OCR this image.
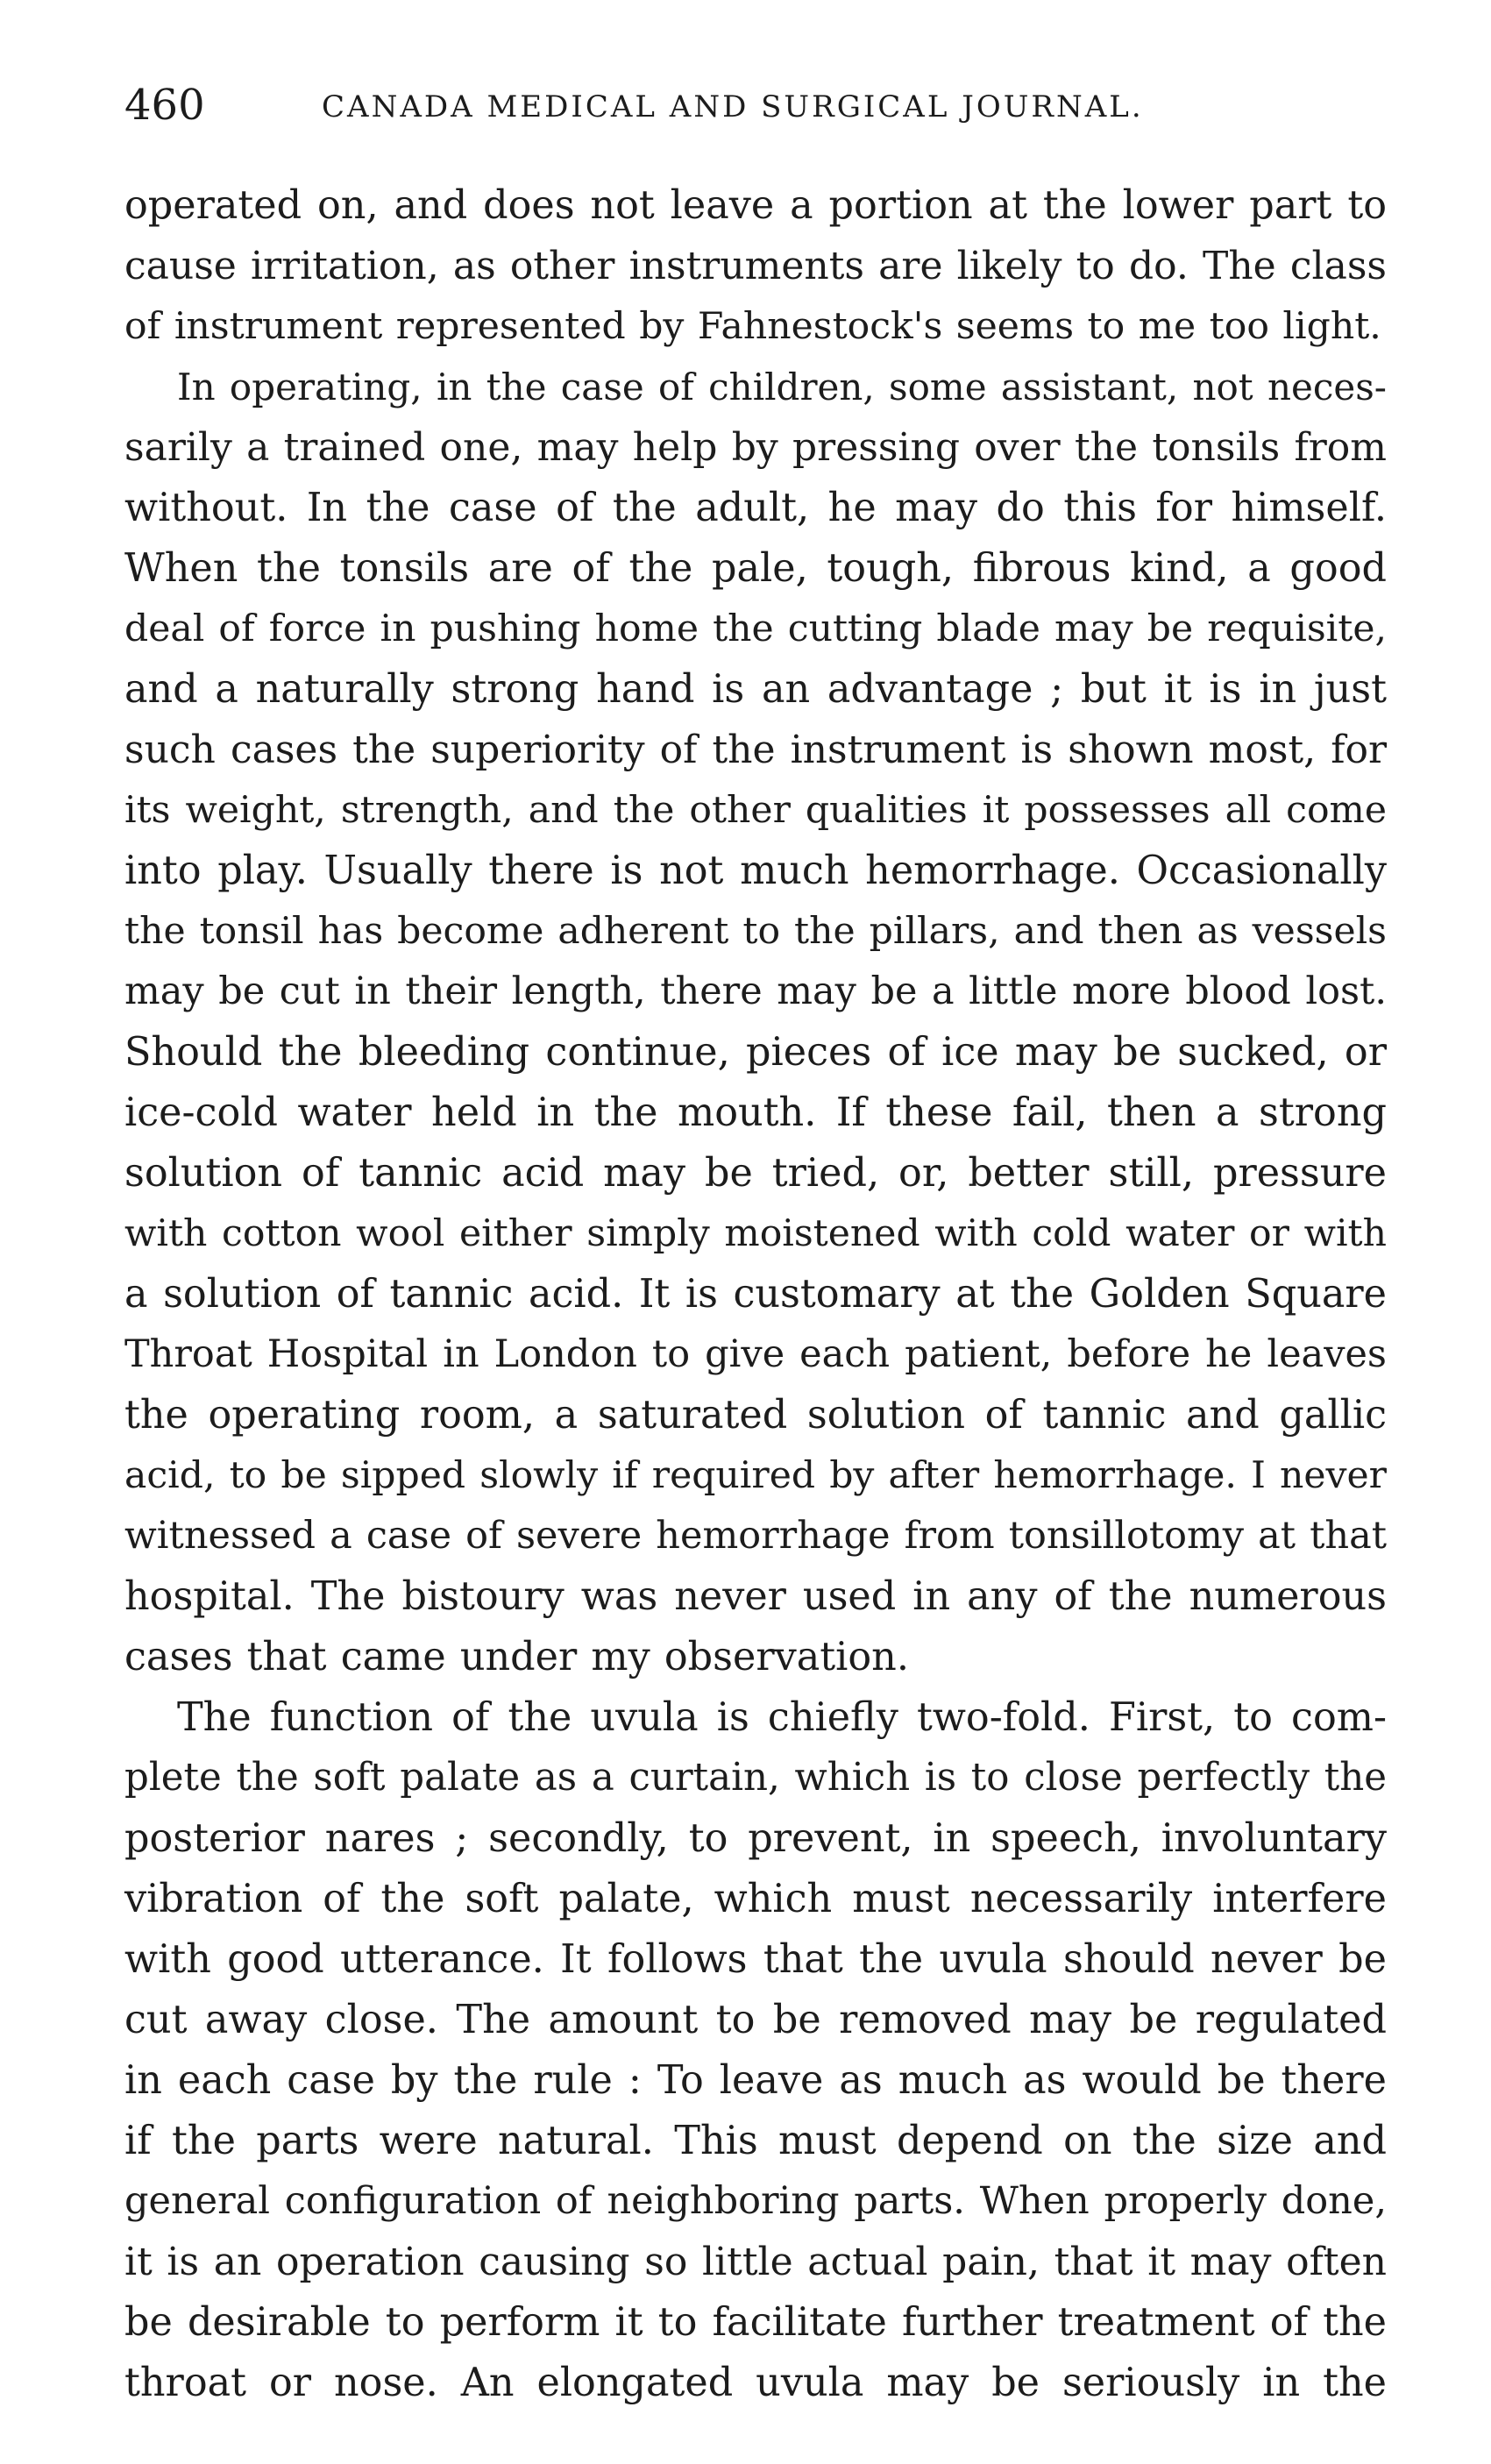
460	CANADA MEDICAL AND SURGICAL JOURNAL.
operated on, and does not leave a portion at the lower part to
cause irritation, as other instruments are likely to do. The class
of instrument represented by Fahnestock's seems to me too light.
In operating, in the case of children, some assistant, not neces-
sarily a trained one, may help by pressing over the tonsils from
without. In the case of the adult, he may do this for himself.
When the tonsils are of the pale, tough, fibrous kind, a good
deal of force in pushing home the cutting blade may be requisite,
and a naturally strong hand is an advantage ; but it is in just
such cases the superiority of the instrument is shown most, for
its weight, strength, and the other qualities it possesses all come
into play. Usually there is not much hemorrhage. Occasionally
the tonsil has become adherent to the pillars, and then as vessels
may be cut in their length, there may be a little more blood lost.
Should the bleeding continue, pieces of ice may be sucked, or
ice-cold water held in the mouth. If these fail, then a strong
solution of tannic acid may be tried, or, better still, pressure
with cotton wool either simply moistened with cold water or with
a solution of tannic acid. It is customary at the Golden Square
Throat Hospital in London to give each patient, before he leaves
the operating room, a saturated solution of tannic and gallic
acid, to be sipped slowly if required by after hemorrhage. I never
witnessed a case of severe hemorrhage from tonsillotomy at that
hospital. The bistoury was never used in any of the numerous
cases that came under my observation.
The function of the uvula is chiefly two-fold. First, to com-
plete the soft palate as a curtain, which is to close perfectly the
posterior nares ; secondly, to prevent, in speech, involuntary
vibration of the soft palate, which must necessarily interfere
with good utterance. It follows that the uvula should never be
cut away close. The amount to be removed may be regulated
in each case by the rule : To leave as much as would be there
if the parts were natural. This must depend on the size and
general configuration of neighboring parts. When properly done,
it is an operation causing so little actual pain, that it may often
be desirable to perform it to facilitate further treatment of the
throat or nose. An elongated uvula may be seriously in the
